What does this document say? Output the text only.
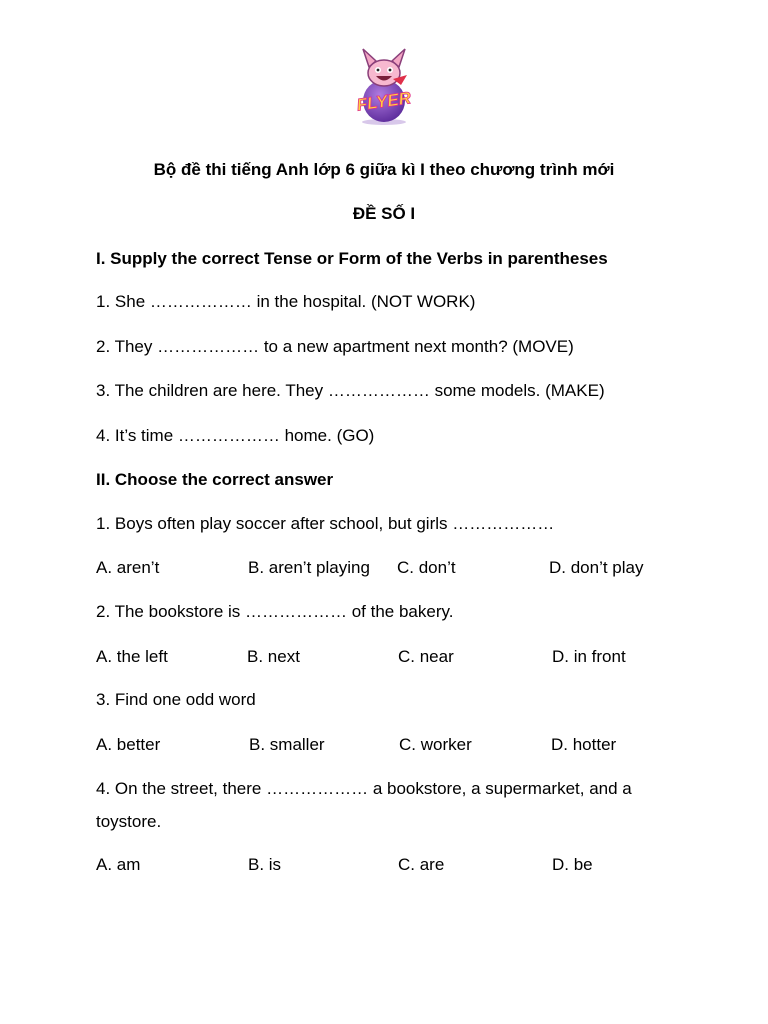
FLYER
Bộ đề thi tiếng Anh lớp 6 giữa kì I theo chương trình mới
ĐỀ SỐ I
I. Supply the correct Tense or Form of the Verbs in parentheses
1. She ……………… in the hospital. (NOT WORK)
2. They ……………… to a new apartment next month? (MOVE)
3. The children are here. They ……………… some models. (MAKE)
4. It’s time ……………… home. (GO)
II. Choose the correct answer
1. Boys often play soccer after school, but girls ………………
A. aren’t	B. aren’t playing C. don’t	D. don’t play
2. The bookstore is ……………… of the bakery.
A. the left	B. next	C. near	D. in front
3. Find one odd word
A. better	B. smaller	C. worker	D. hotter
4. On the street, there ……………… a bookstore, a supermarket, and a
toystore.
A. am	B. is	C. are	D. be
